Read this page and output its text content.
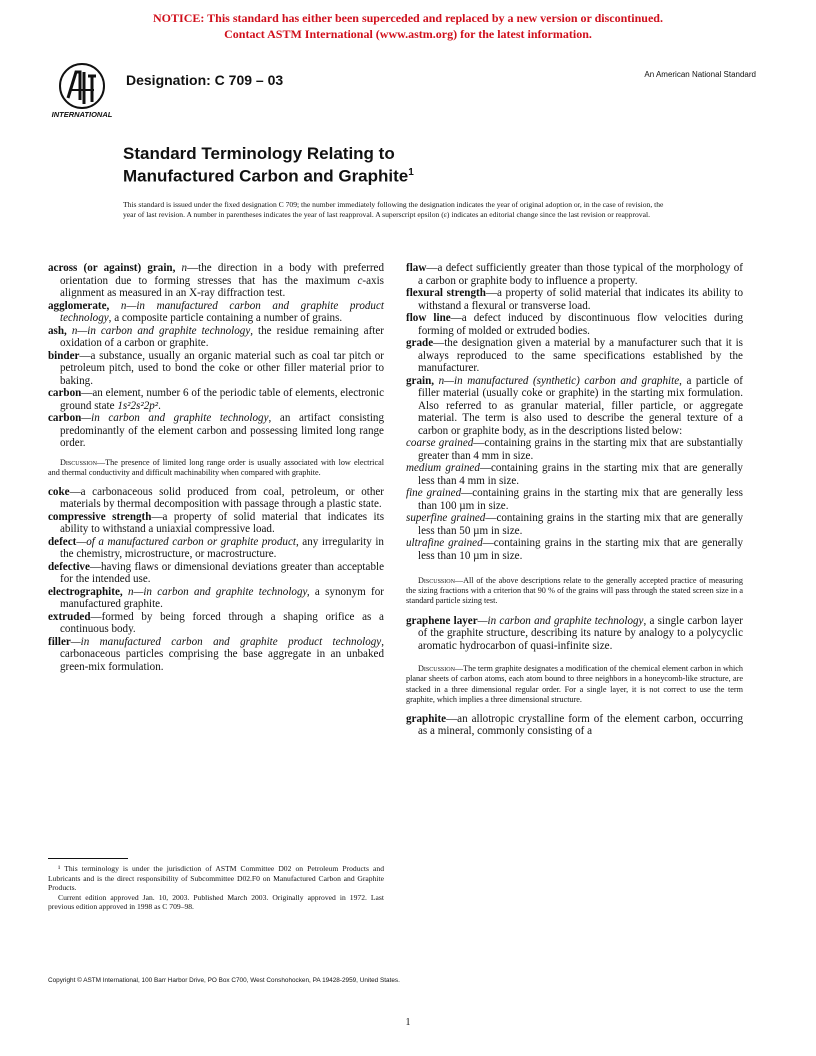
NOTICE: This standard has either been superceded and replaced by a new version or discontinued.
Contact ASTM International (www.astm.org) for the latest information.
INTERNATIONAL
Designation: C 709 – 03	An American National Standard
Standard Terminology Relating to
Manufactured Carbon and Graphite$^1$
This standard is issued under the fixed designation C 709; the number immediately following the designation indicates the year of original adoption or, in the case of revision, the year of last revision. A number in parentheses indicates the year of last reapproval. A superscript epsilon (ε) indicates an editorial change since the last revision or reapproval.

across (or against) grain, n—the direction in a body with preferred orientation due to forming stresses that has the maximum c-axis alignment as measured in an X-ray diffraction test.

agglomerate, n—in manufactured carbon and graphite product technology, a composite particle containing a number of grains.

ash, n—in carbon and graphite technology, the residue remaining after oxidation of a carbon or graphite.

binder—a substance, usually an organic material such as coal tar pitch or petroleum pitch, used to bond the coke or other filler material prior to baking.

carbon—an element, number 6 of the periodic table of elements, electronic ground state 1s²2s²2p².

carbon—in carbon and graphite technology, an artifact consisting predominantly of the element carbon and possessing limited long range order.

Discussion—The presence of limited long range order is usually associated with low electrical and thermal conductivity and difficult machinability when compared with graphite.

coke—a carbonaceous solid produced from coal, petroleum, or other materials by thermal decomposition with passage through a plastic state.

compressive strength—a property of solid material that indicates its ability to withstand a uniaxial compressive load.

defect—of a manufactured carbon or graphite product, any irregularity in the chemistry, microstructure, or macrostructure.

defective—having flaws or dimensional deviations greater than acceptable for the intended use.

electrographite, n—in carbon and graphite technology, a synonym for manufactured graphite.

extruded—formed by being forced through a shaping orifice as a continuous body.

filler—in manufactured carbon and graphite product technology, carbonaceous particles comprising the base aggregate in an unbaked green-mix formulation.

flaw—a defect sufficiently greater than those typical of the morphology of a carbon or graphite body to influence a property.

flexural strength—a property of solid material that indicates its ability to withstand a flexural or transverse load.

flow line—a defect induced by discontinuous flow velocities during forming of molded or extruded bodies.

grade—the designation given a material by a manufacturer such that it is always reproduced to the same specifications established by the manufacturer.

grain, n—in manufactured (synthetic) carbon and graphite, a particle of filler material (usually coke or graphite) in the starting mix formulation. Also referred to as granular material, filler particle, or aggregate material. The term is also used to describe the general texture of a carbon or graphite body, as in the descriptions listed below:

coarse grained—containing grains in the starting mix that are substantially greater than 4 mm in size.

medium grained—containing grains in the starting mix that are generally less than 4 mm in size.

fine grained—containing grains in the starting mix that are generally less than 100 µm in size.

superfine grained—containing grains in the starting mix that are generally less than 50 µm in size.

ultrafine grained—containing grains in the starting mix that are generally less than 10 µm in size.

Discussion—All of the above descriptions relate to the generally accepted practice of measuring the sizing fractions with a criterion that 90 % of the grains will pass through the stated screen size in a standard particle sizing test.

graphene layer—in carbon and graphite technology, a single carbon layer of the graphite structure, describing its nature by analogy to a polycyclic aromatic hydrocarbon of quasi-infinite size.

Discussion—The term graphite designates a modification of the chemical element carbon in which planar sheets of carbon atoms, each atom bound to three neighbors in a honeycomb-like structure, are stacked in a three dimensional regular order. For a single layer, it is not correct to use the term graphite, which implies a three dimensional structure.

graphite—an allotropic crystalline form of the element carbon, occurring as a mineral, commonly consisting of a

¹ This terminology is under the jurisdiction of ASTM Committee D02 on Petroleum Products and Lubricants and is the direct responsibility of Subcommittee D02.F0 on Manufactured Carbon and Graphite Products.

Current edition approved Jan. 10, 2003. Published March 2003. Originally approved in 1972. Last previous edition approved in 1998 as C 709–98.

Copyright © ASTM International, 100 Barr Harbor Drive, PO Box C700, West Conshohocken, PA 19428-2959, United States.
1
